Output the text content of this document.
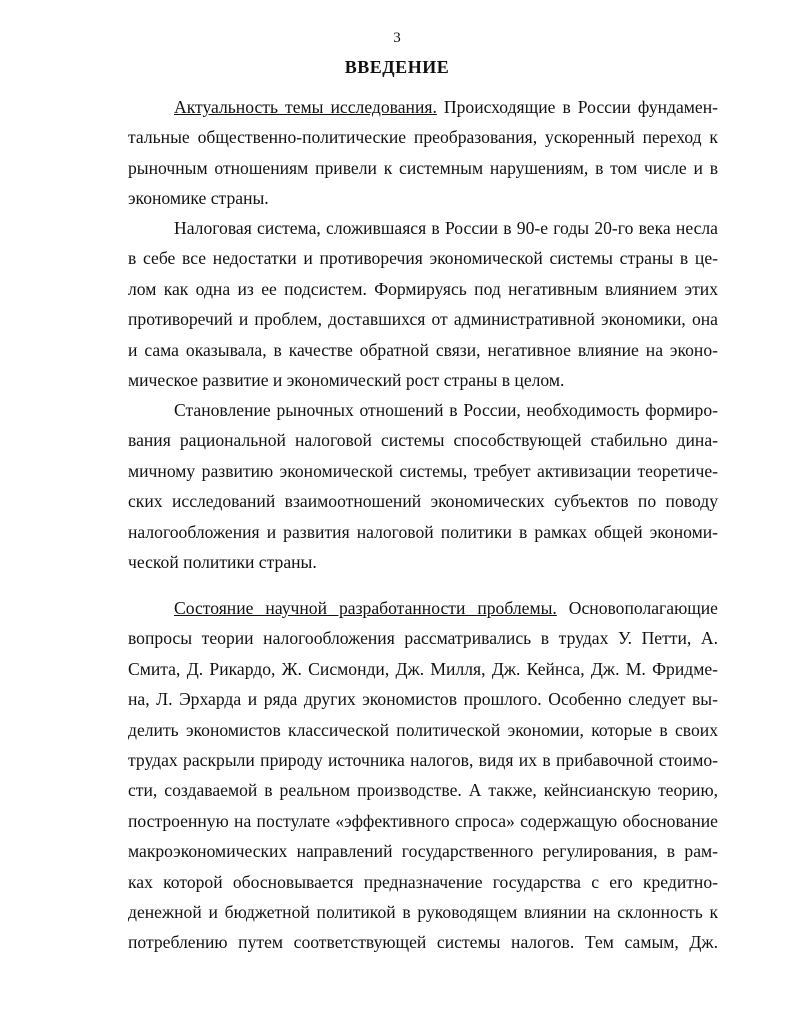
3
ВВЕДЕНИЕ
Актуальность темы исследования. Происходящие в России фундамен-
тальные общественно-политические преобразования, ускоренный переход к
рыночным отношениям привели к системным нарушениям, в том числе и в
экономике страны.
Налоговая система, сложившаяся в России в 90-е годы 20-го века несла
в себе все недостатки и противоречия экономической системы страны в це-
лом как одна из ее подсистем. Формируясь под негативным влиянием этих
противоречий и проблем, доставшихся от административной экономики, она
и сама оказывала, в качестве обратной связи, негативное влияние на эконо-
мическое развитие и экономический рост страны в целом.
Становление рыночных отношений в России, необходимость формиро-
вания рациональной налоговой системы способствующей стабильно дина-
мичному развитию экономической системы, требует активизации теоретиче-
ских исследований взаимоотношений экономических субъектов по поводу
налогообложения и развития налоговой политики в рамках общей экономи-
ческой политики страны.
Состояние научной разработанности проблемы. Основополагающие
вопросы теории налогообложения рассматривались в трудах У. Петти, А.
Смита, Д. Рикардо, Ж. Сисмонди, Дж. Милля, Дж. Кейнса, Дж. М. Фридме-
на, Л. Эрхарда и ряда других экономистов прошлого. Особенно следует вы-
делить экономистов классической политической экономии, которые в своих
трудах раскрыли природу источника налогов, видя их в прибавочной стоимо-
сти, создаваемой в реальном производстве. А также, кейнсианскую теорию,
построенную на постулате «эффективного спроса» содержащую обоснование
макроэкономических направлений государственного регулирования, в рам-
ках которой обосновывается предназначение государства с его кредитно-
денежной и бюджетной политикой в руководящем влиянии на склонность к
потреблению путем соответствующей системы налогов. Тем самым, Дж.
